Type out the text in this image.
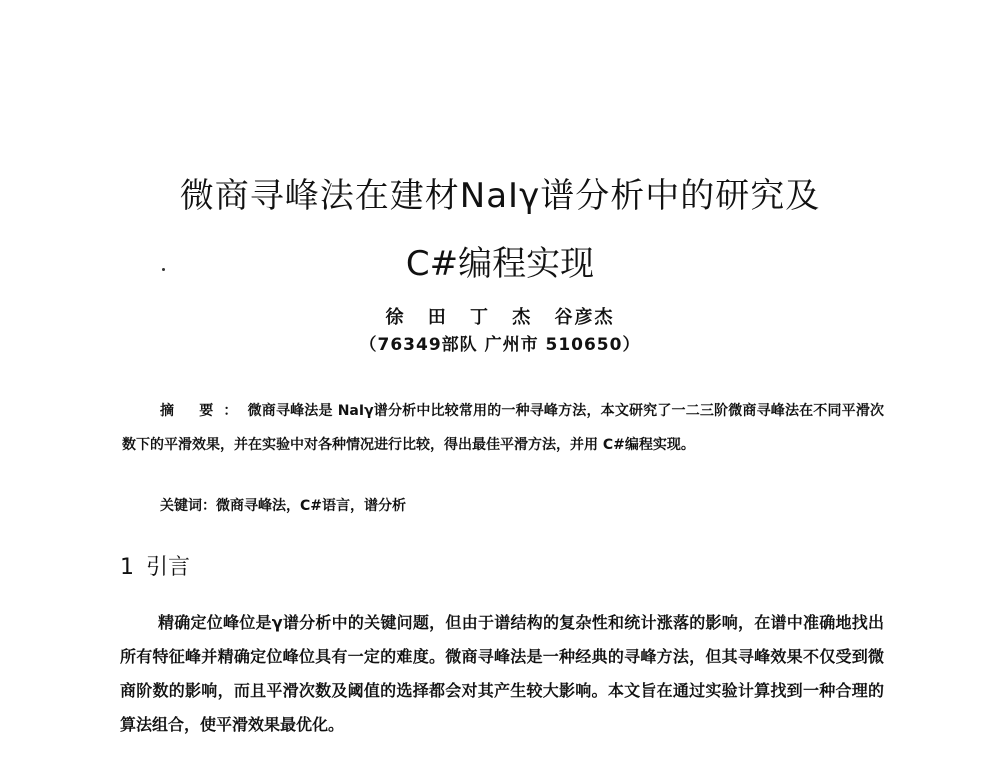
微商寻峰法在建材NaIγ谱分析中的研究及
C#编程实现
徐 田 丁 杰 谷彦杰
（76349部队 广州市 510650）
摘 要：微商寻峰法是 NaIγ谱分析中比较常用的一种寻峰方法，本文研究了一二三阶微商寻峰法在不同平滑次数下的平滑效果，并在实验中对各种情况进行比较，得出最佳平滑方法，并用 C#编程实现。
关键词：微商寻峰法，C#语言，谱分析
1 引言
精确定位峰位是γ谱分析中的关键问题，但由于谱结构的复杂性和统计涨落的影响，在谱中准确地找出所有特征峰并精确定位峰位具有一定的难度。微商寻峰法是一种经典的寻峰方法，但其寻峰效果不仅受到微商阶数的影响，而且平滑次数及阈值的选择都会对其产生较大影响。本文旨在通过实验计算找到一种合理的算法组合，使平滑效果最优化。
